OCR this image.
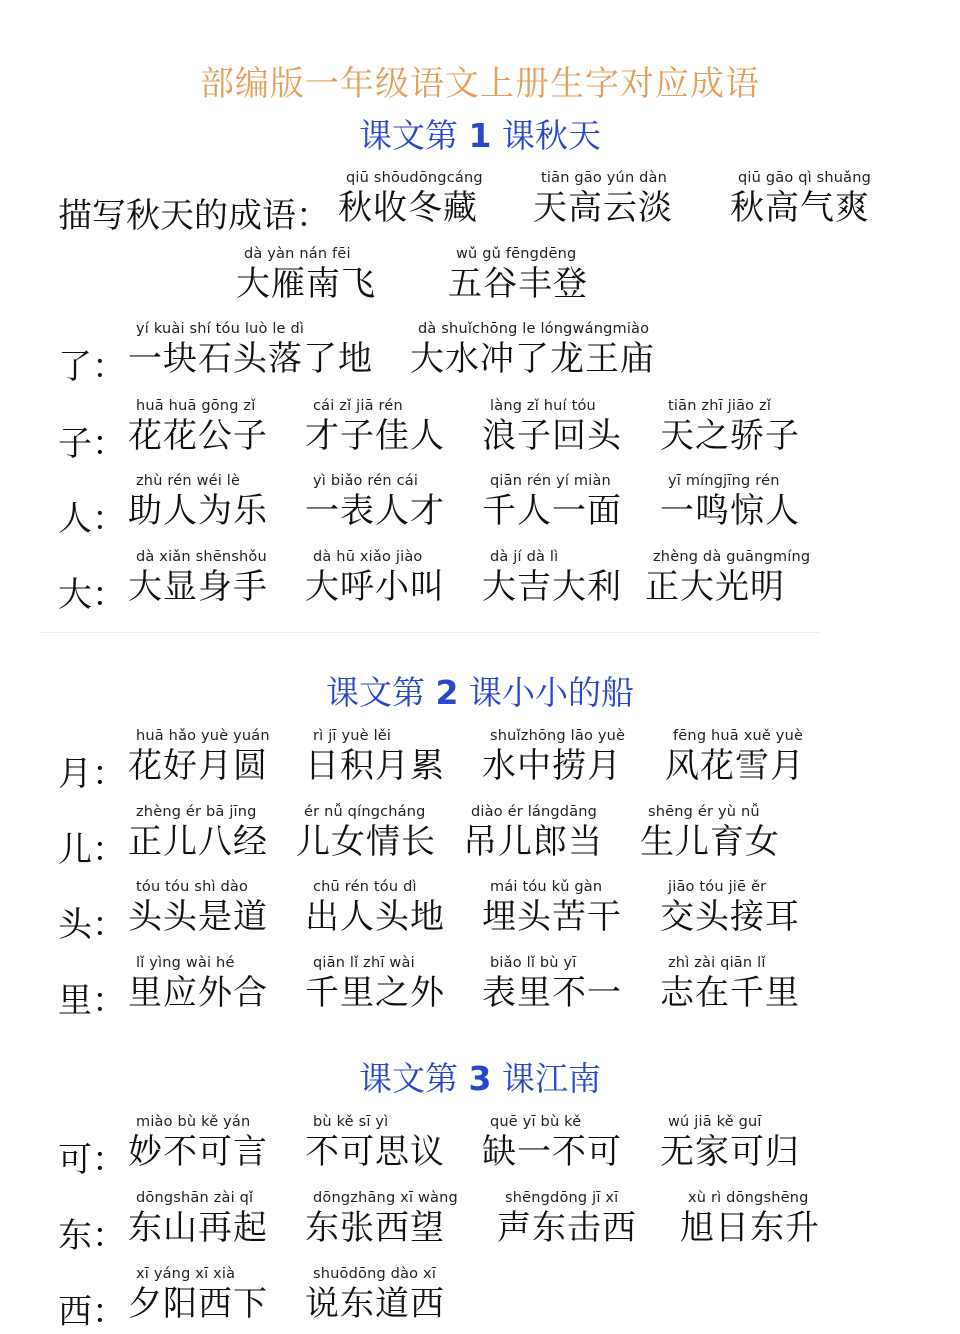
部编版一年级语文上册生字对应成语
课文第 1 课秋天
描写秋天的成语：
qiū shōudōngcáng
秋收冬藏
tiān gāo yún dàn
天高云淡
qiū gāo qì shuǎng
秋高气爽
dà yàn nán fēi
大雁南飞
wǔ gǔ fēngdēng
五谷丰登
了：
yí kuài shí tóu luò le dì
一块石头落了地
dà shuǐchōng le lóngwángmiào
大水冲了龙王庙
子：
huā huā gōng zǐ
花花公子
cái zǐ jiā rén
才子佳人
làng zǐ huí tóu
浪子回头
tiān zhī jiāo zǐ
天之骄子
人：
zhù rén wéi lè
助人为乐
yì biǎo rén cái
一表人才
qiān rén yí miàn
千人一面
yī míngjīng rén
一鸣惊人
大：
dà xiǎn shēnshǒu
大显身手
dà hū xiǎo jiào
大呼小叫
dà jí dà lì
大吉大利
zhèng dà guāngmíng
正大光明
课文第 2 课小小的船
月：
huā hǎo yuè yuán
花好月圆
rì jī yuè lěi
日积月累
shuǐzhōng lāo yuè
水中捞月
fēng huā xuě yuè
风花雪月
儿：
zhèng ér bā jīng
正儿八经
ér nǚ qíngcháng
儿女情长
diào ér lángdāng
吊儿郎当
shēng ér yù nǚ
生儿育女
头：
tóu tóu shì dào
头头是道
chū rén tóu dì
出人头地
mái tóu kǔ gàn
埋头苦干
jiāo tóu jiē ěr
交头接耳
里：
lǐ yìng wài hé
里应外合
qiān lǐ zhī wài
千里之外
biǎo lǐ bù yī
表里不一
zhì zài qiān lǐ
志在千里
课文第 3 课江南
可：
miào bù kě yán
妙不可言
bù kě sī yì
不可思议
quē yī bù kě
缺一不可
wú jiā kě guī
无家可归
东：
dōngshān zài qǐ
东山再起
dōngzhāng xī wàng
东张西望
shēngdōng jī xī
声东击西
xù rì dōngshēng
旭日东升
西：
xī yáng xī xià
夕阳西下
shuōdōng dào xī
说东道西
